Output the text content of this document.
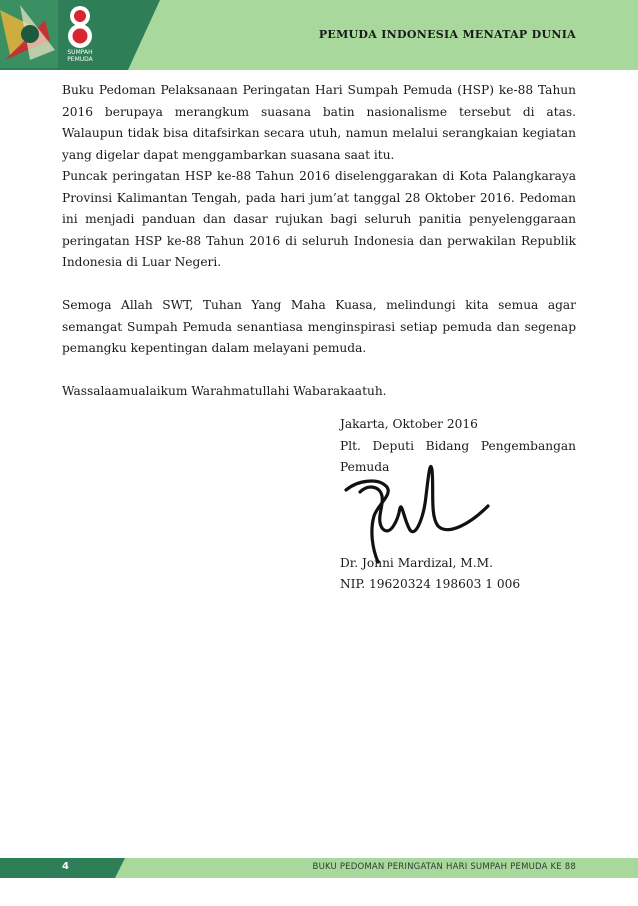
SUMPAH
PEMUDA
PEMUDA INDONESIA MENATAP DUNIA

Buku Pedoman Pelaksanaan Peringatan Hari Sumpah Pemuda (HSP) ke-88 Tahun 2016 berupaya merangkum suasana batin nasionalisme tersebut di atas. Walaupun tidak bisa ditafsirkan secara utuh, namun melalui serangkaian kegiatan yang digelar dapat menggambarkan suasana saat itu.

Puncak peringatan HSP ke-88 Tahun 2016 diselenggarakan di Kota Palangkaraya Provinsi Kalimantan Tengah, pada hari jum’at tanggal 28 Oktober 2016. Pedoman ini menjadi panduan dan dasar rujukan bagi seluruh panitia penyelenggaraan peringatan HSP ke-88 Tahun 2016 di seluruh Indonesia dan perwakilan Republik Indonesia di Luar Negeri.

Semoga Allah SWT, Tuhan Yang Maha Kuasa, melindungi kita semua agar semangat Sumpah Pemuda senantiasa menginspirasi setiap pemuda dan segenap pemangku kepentingan dalam melayani pemuda.

Wassalaamualaikum Warahmatullahi Wabarakaatuh.

Jakarta, Oktober 2016
Plt. Deputi Bidang Pengembangan Pemuda
Dr. Jonni Mardizal, M.M.
NIP. 19620324 198603 1 006
4	BUKU PEDOMAN PERINGATAN HARI SUMPAH PEMUDA KE 88
